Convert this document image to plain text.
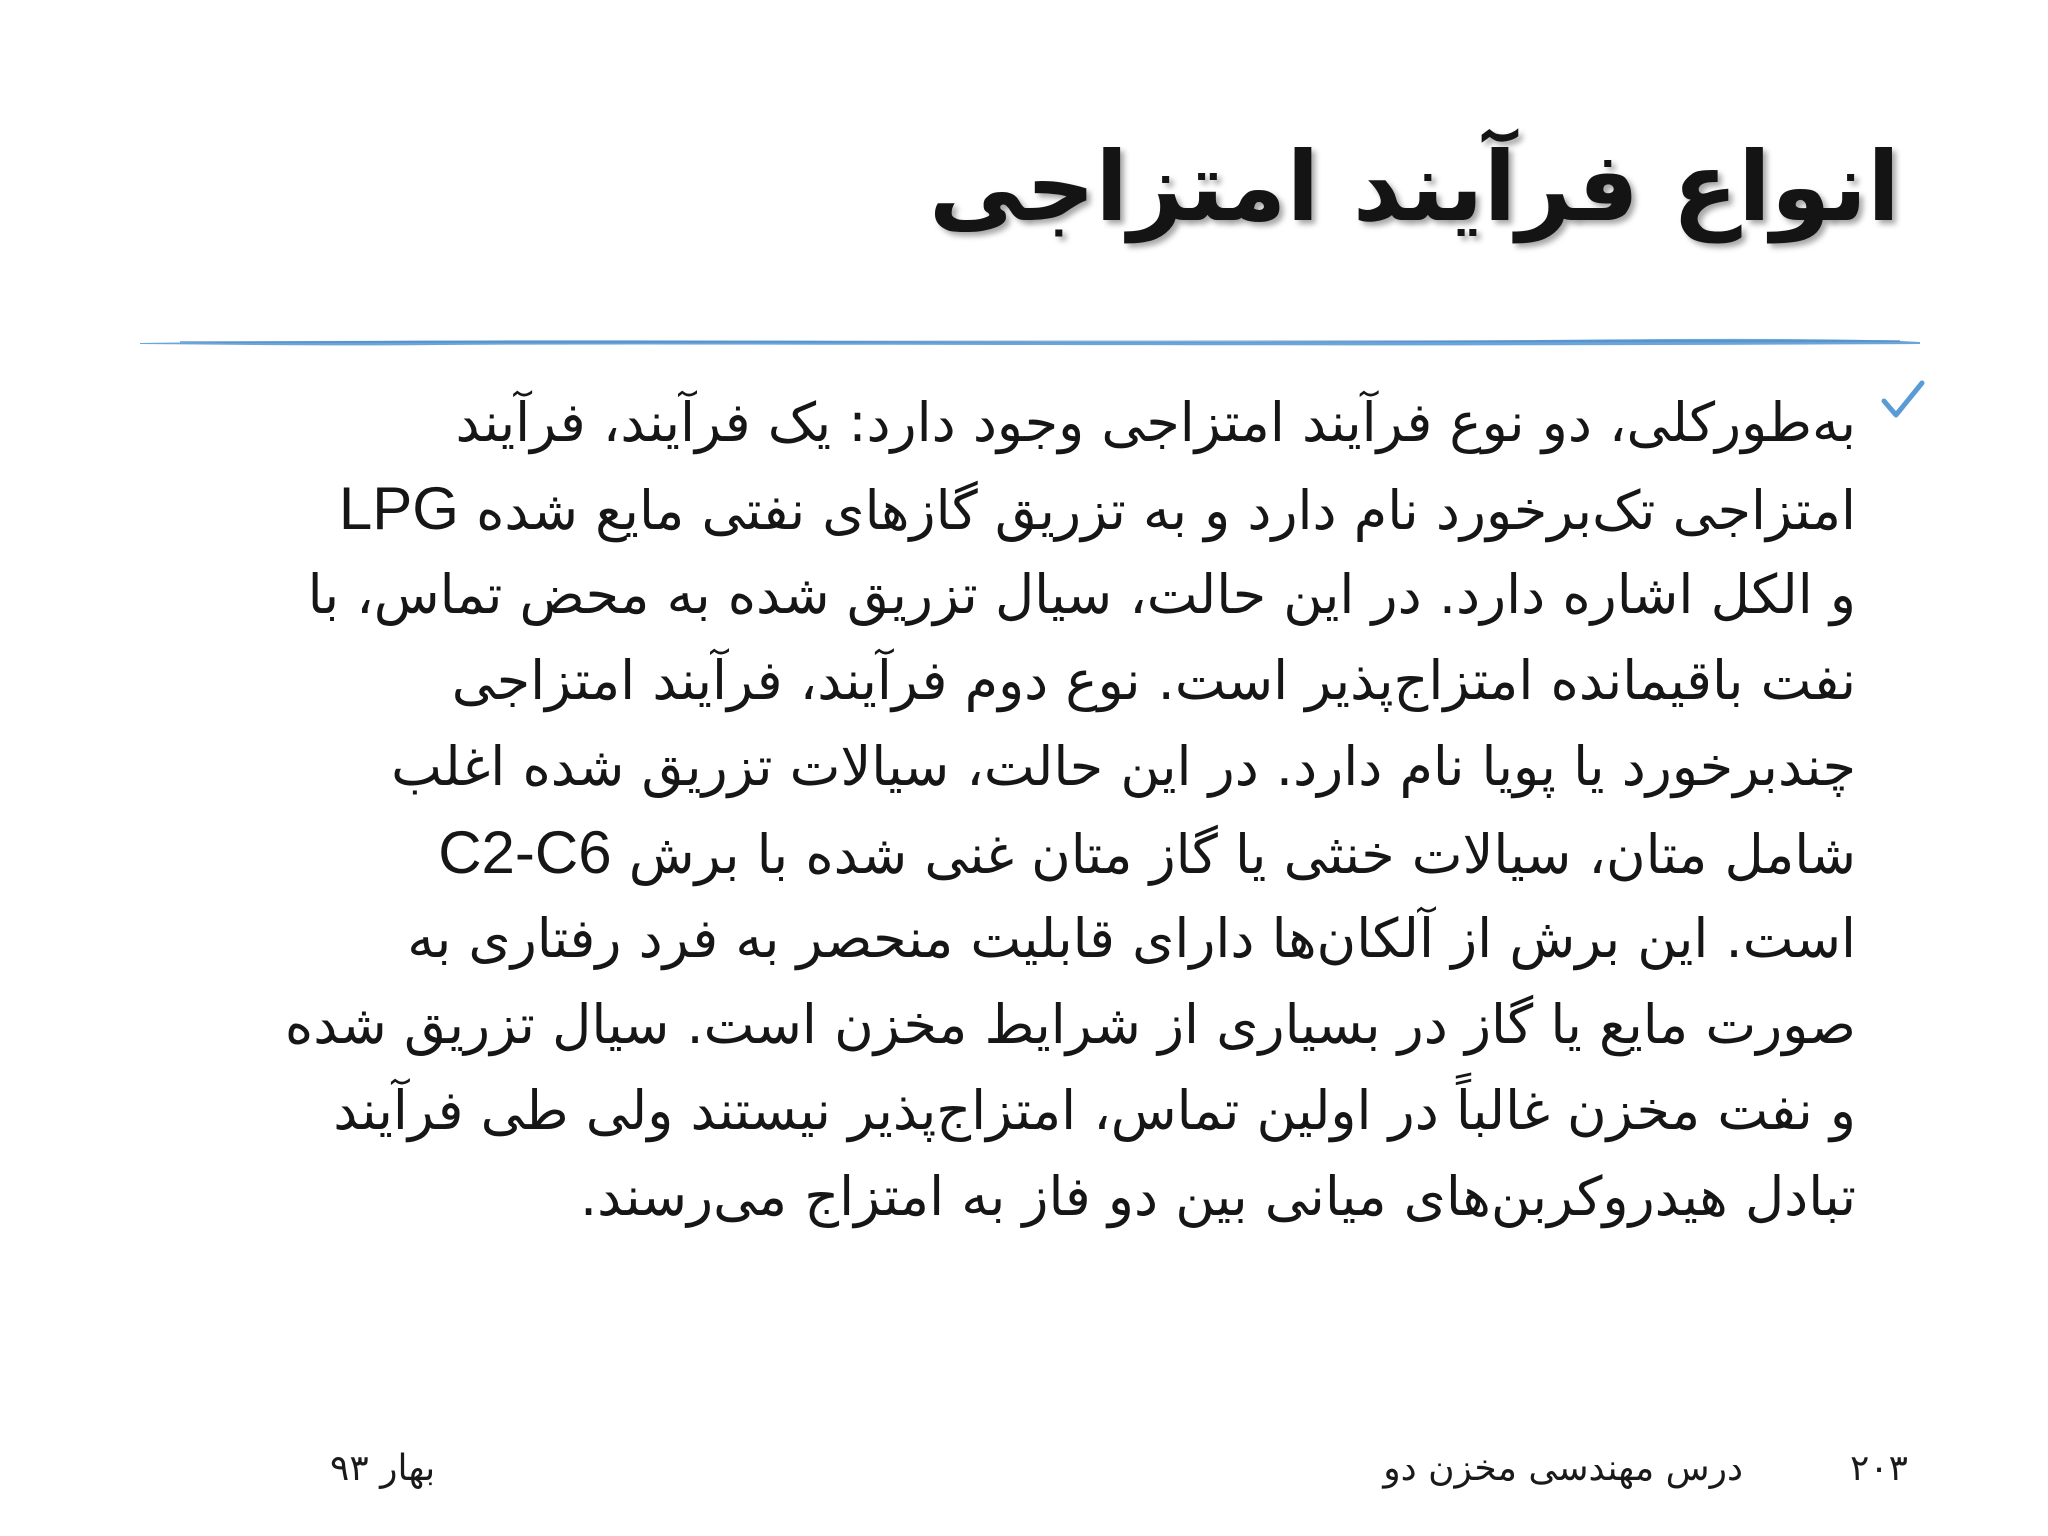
انواع فرآیند امتزاجی
به‌طورکلی، دو نوع فرآیند امتزاجی وجود دارد: یک فرآیند، فرآیند
امتزاجی تک‌برخورد نام دارد و به تزریق گازهای نفتی مایع شده LPG
و الکل اشاره دارد. در این حالت، سیال تزریق شده به محض تماس، با
نفت باقیمانده امتزاج‌پذیر است. نوع دوم فرآیند، فرآیند امتزاجی
چندبرخورد یا پویا نام دارد. در این حالت، سیالات تزریق شده اغلب
شامل متان، سیالات خنثی یا گاز متان غنی شده با برش C2-C6
است. این برش از آلکان‌ها دارای قابلیت منحصر به فرد رفتاری به
صورت مایع یا گاز در بسیاری از شرایط مخزن است. سیال تزریق شده
و نفت مخزن غالباً در اولین تماس، امتزاج‌پذیر نیستند ولی طی فرآیند
تبادل هیدروکربن‌های میانی بین دو فاز به امتزاج می‌رسند.
۲۰۳
درس مهندسی مخزن دو
بهار ۹۳
